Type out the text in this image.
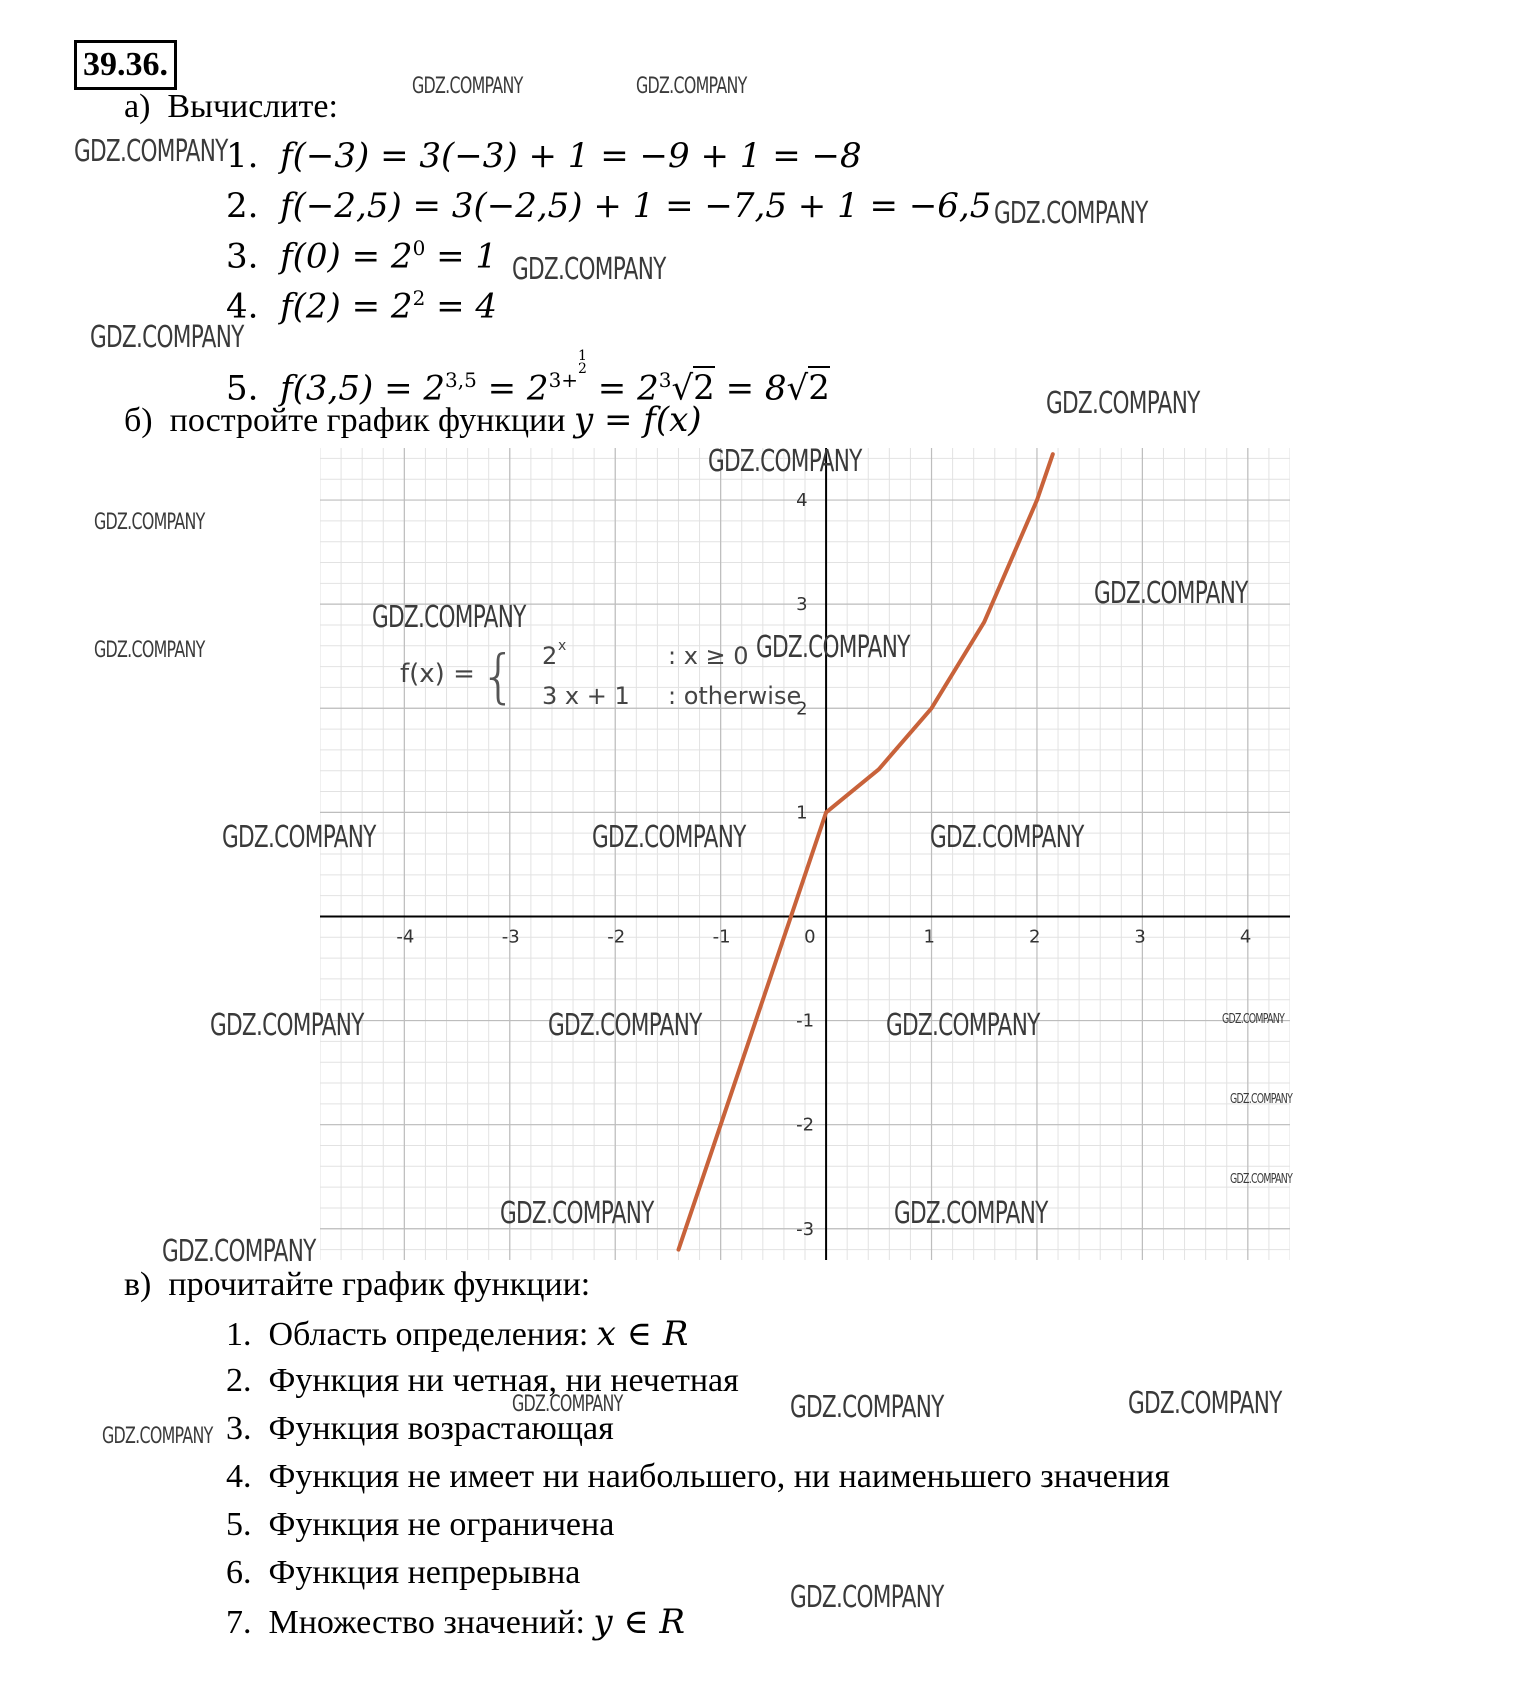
39.36.
а) Вычислите:
1. f(−3) = 3(−3) + 1 = −9 + 1 = −8
2. f(−2,5) = 3(−2,5) + 1 = −7,5 + 1 = −6,5
3. $f(0) = 2^0 = 1$
4. $f(2) = 2^2 = 4$
5. $f(3,5) = 2^{3,5} = 2^{3+ 1 2} = 2^3√2 = 8√2$
б) постройте график функции y = f(x)
-4	-3	-2	-1	0	1	2	3	4
-3
-2
-1
1
2
3
4
f(x) = { 2 x	: x ≥ 0
3 x + 1 : otherwise
в) прочитайте график функции:
1. Область определения: x ∈ R
2. Функция ни четная, ни нечетная
3. Функция возрастающая
4. Функция не имеет ни наибольшего, ни наименьшего значения
5. Функция не ограничена
6. Функция непрерывна
7. Множество значений: y ∈ R
GDZ.COMPANY	GDZ.COMPANY
GDZ.COMPANY
GDZ.COMPANY
GDZ.COMPANY
GDZ.COMPANY
GDZ.COMPANY
GDZ.COMPANY
GDZ.COMPANY
GDZ.COMPANY
GDZ.COMPANY
GDZ.COMPANY
GDZ.COMPANY
GDZ.COMPANY	GDZ.COMPANY	GDZ.COMPANY
GDZ.COMPANY	GDZ.COMPANY	GDZ.COMPANY	GDZ.COMPANY
GDZ.COMPANY
GDZ.COMPANY
GDZ.COMPANY	GDZ.COMPANY
GDZ.COMPANY
GDZ.COMPANY	GDZ.COMPANY	GDZ.COMPANY
GDZ.COMPANY
GDZ.COMPANY
